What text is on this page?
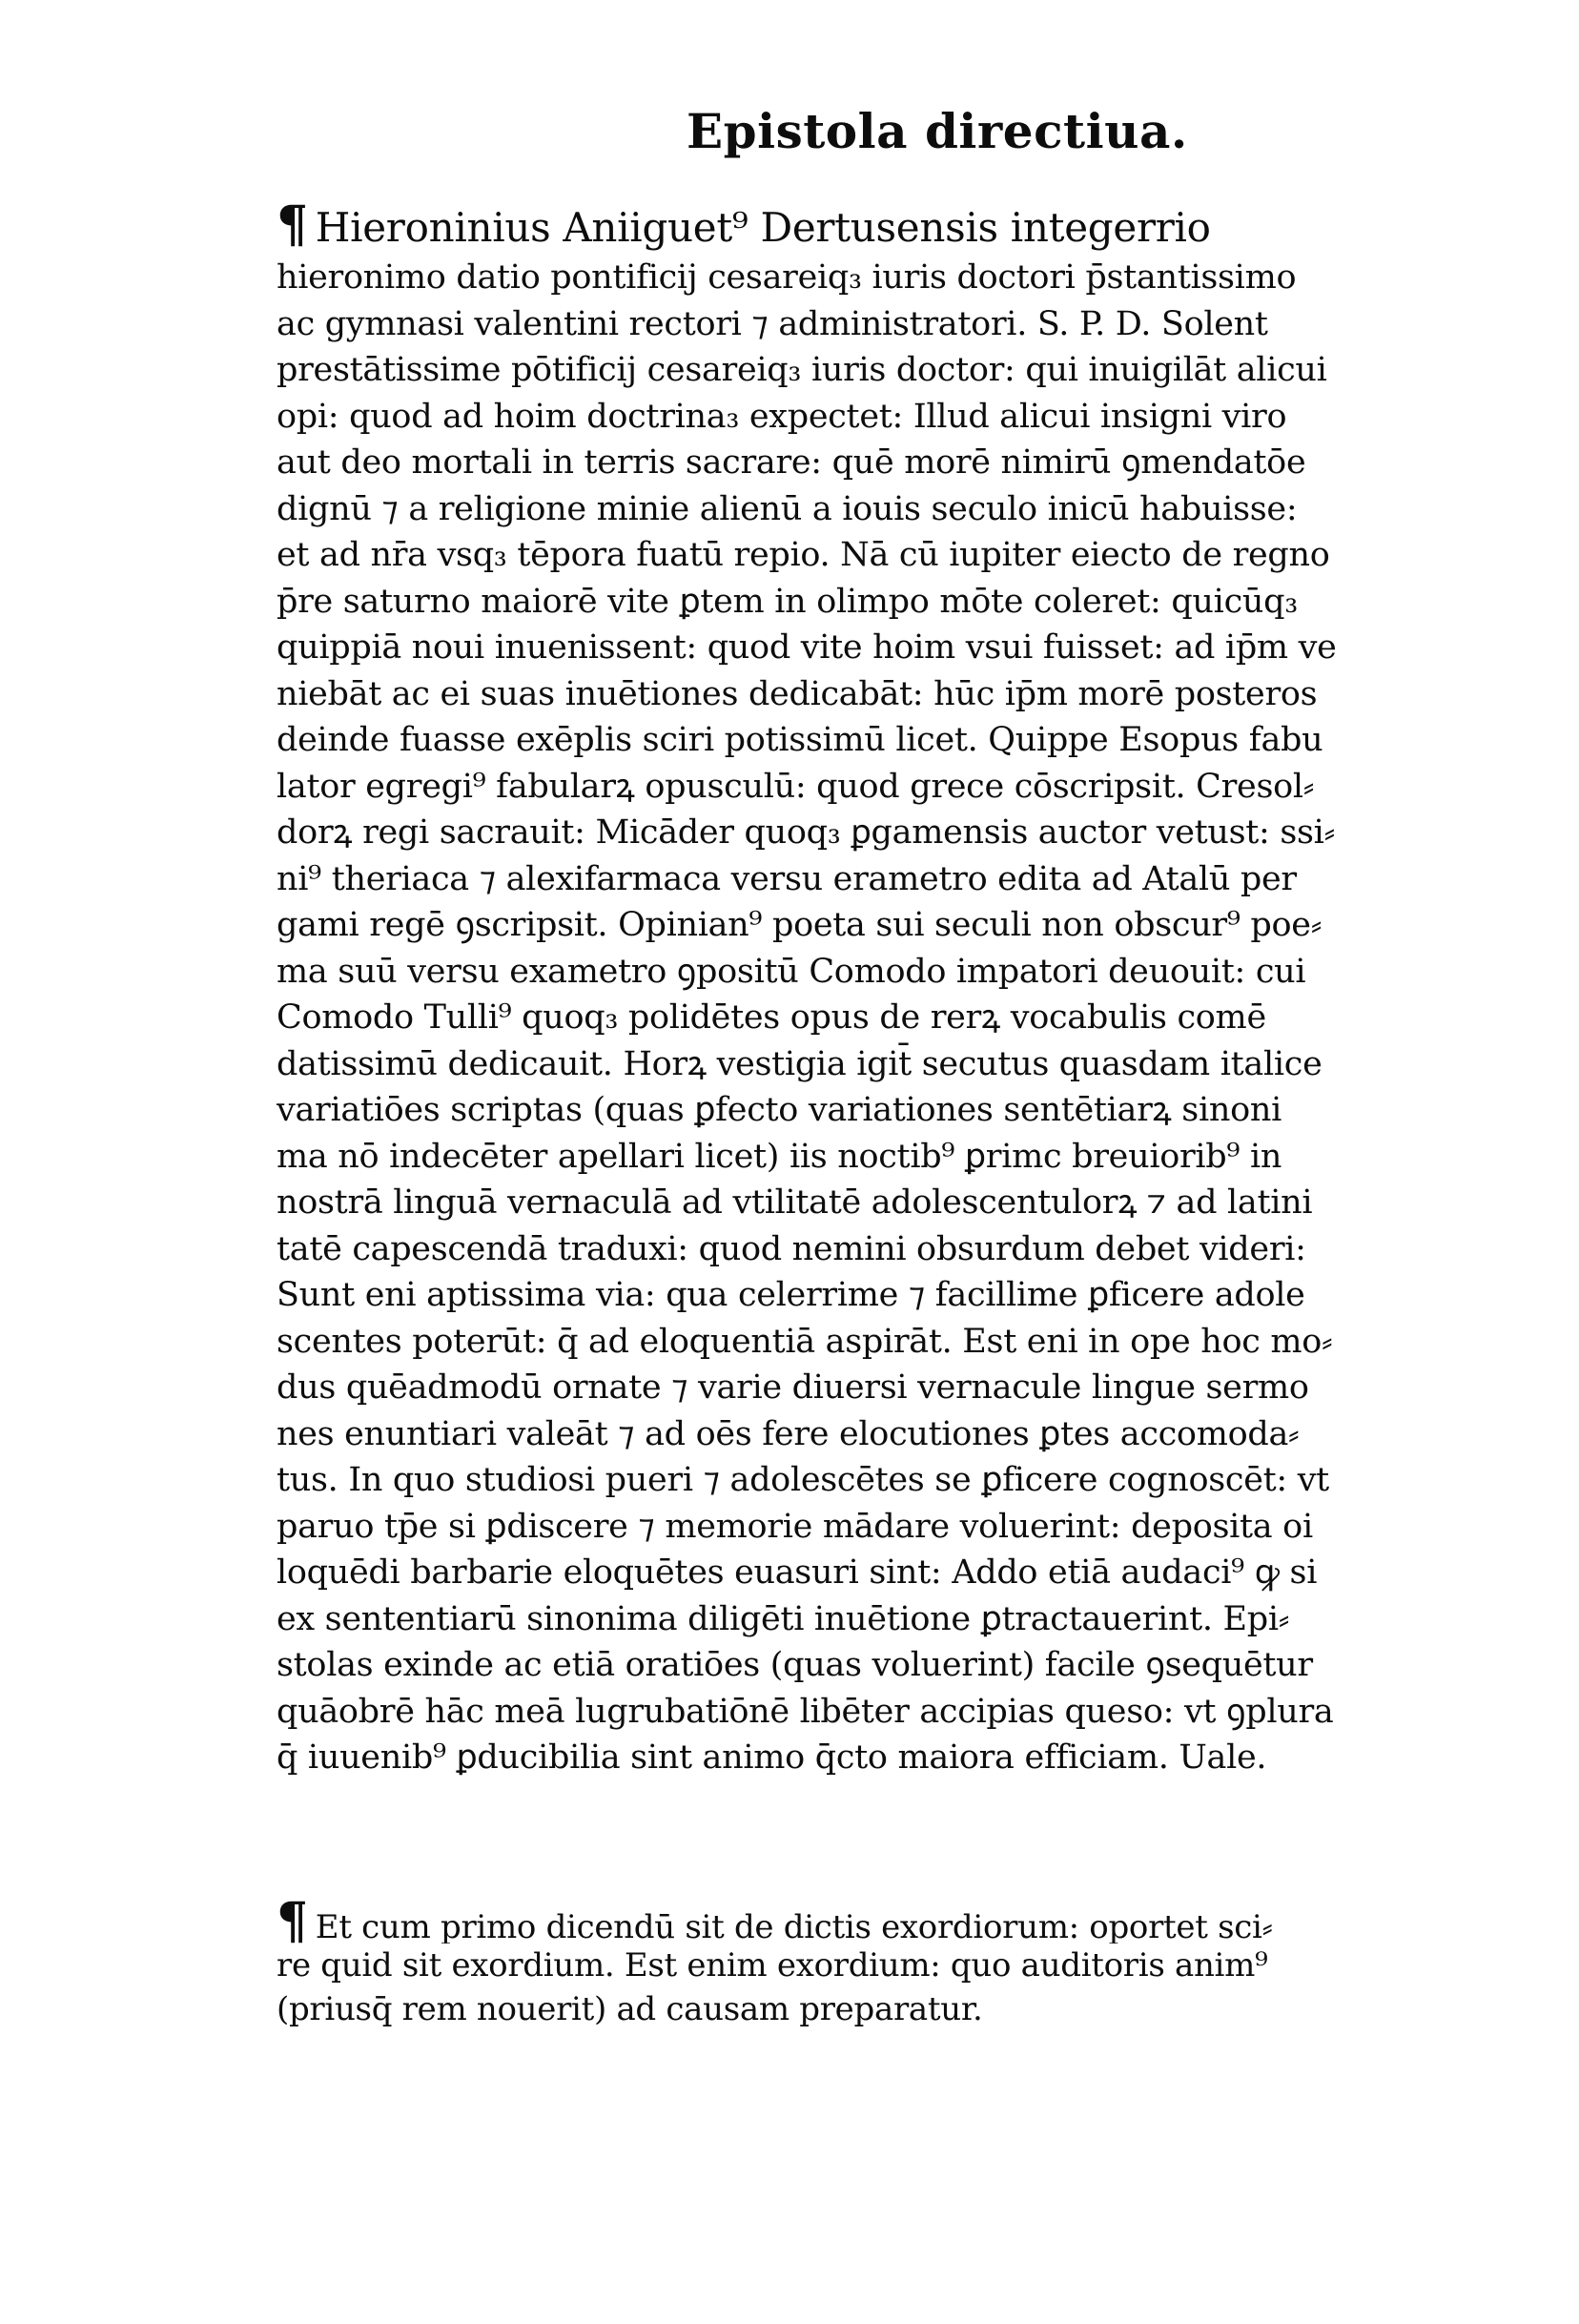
Epistola directiua.
¶ Hieroninius Aniiguet⁹ Dertusensis integerrio
hieronimo datio pontificij cesareiq₃ iuris doctori p̄stantissimo
ac gymnasi valentini rectori ⁊ administratori. S. P. D. Solent
prestātissime pōtificij cesareiq₃ iuris doctor: qui inuigilāt alicui
opi: quod ad hoim doctrina₃ expectet: Illud alicui insigni viro
aut deo mortali in terris sacrare: quē morē nimirū ꝯmendatōe
dignū ⁊ a religione minie alienū a iouis seculo inicū habuisse:
et ad nr̄a vsq₃ tēpora fuatū repio. Nā cū iupiter eiecto de regno
p̄re saturno maiorē vite ꝑtem in olimpo mōte coleret: quicūq₃
quippiā noui inuenissent: quod vite hoim vsui fuisset: ad ip̄m ve
niebāt ac ei suas inuētiones dedicabāt: hūc ip̄m morē posteros
deinde fuasse exēplis sciri potissimū licet. Quippe Esopus fabu
lator egregi⁹ fabularꝝ opusculū: quod grece cōscripsit. Cresol⸗
dorꝝ regi sacrauit: Micāder quoq₃ ꝑgamensis auctor vetust: ssi⸗
ni⁹ theriaca ⁊ alexifarmaca versu erametro edita ad Atalū per
gami regē ꝯscripsit. Opinian⁹ poeta sui seculi non obscur⁹ poe⸗
ma suū versu exametro ꝯpositū Comodo impatori deuouit: cui
Comodo Tulli⁹ quoq₃ polidētes opus de rerꝝ vocabulis comē
datissimū dedicauit. Horꝝ vestigia igit̄ secutus quasdam italice
variatiōes scriptas (quas ꝑfecto variationes sentētiarꝝ sinoni
ma nō indecēter apellari licet) iis noctib⁹ ꝑrimc breuiorib⁹ in
nostrā linguā vernaculā ad vtilitatē adolescentulorꝝ ⁊ ad latini
tatē capescendā traduxi: quod nemini obsurdum debet videri:
Sunt eni aptissima via: qua celerrime ⁊ facillime ꝑficere adole
scentes poterūt: q̄ ad eloquentiā aspirāt. Est eni in ope hoc mo⸗
dus quēadmodū ornate ⁊ varie diuersi vernacule lingue sermo
nes enuntiari valeāt ⁊ ad oēs fere elocutiones ꝑtes accomoda⸗
tus. In quo studiosi pueri ⁊ adolescētes se ꝑficere cognoscēt: vt
paruo tp̄e si ꝑdiscere ⁊ memorie mādare voluerint: deposita oi
loquēdi barbarie eloquētes euasuri sint: Addo etiā audaci⁹ ꝙ si
ex sententiarū sinonima diligēti inuētione ꝑtractauerint. Epi⸗
stolas exinde ac etiā oratiōes (quas voluerint) facile ꝯsequētur
quāobrē hāc meā lugrubatiōnē libēter accipias queso: vt ꝯplura
q̄ iuuenib⁹ ꝑducibilia sint animo q̄cto maiora efficiam. Uale.
¶ Et cum primo dicendū sit de dictis exordiorum: oportet sci⸗
re quid sit exordium. Est enim exordium: quo auditoris anim⁹
(priusq̄ rem nouerit) ad causam preparatur.
